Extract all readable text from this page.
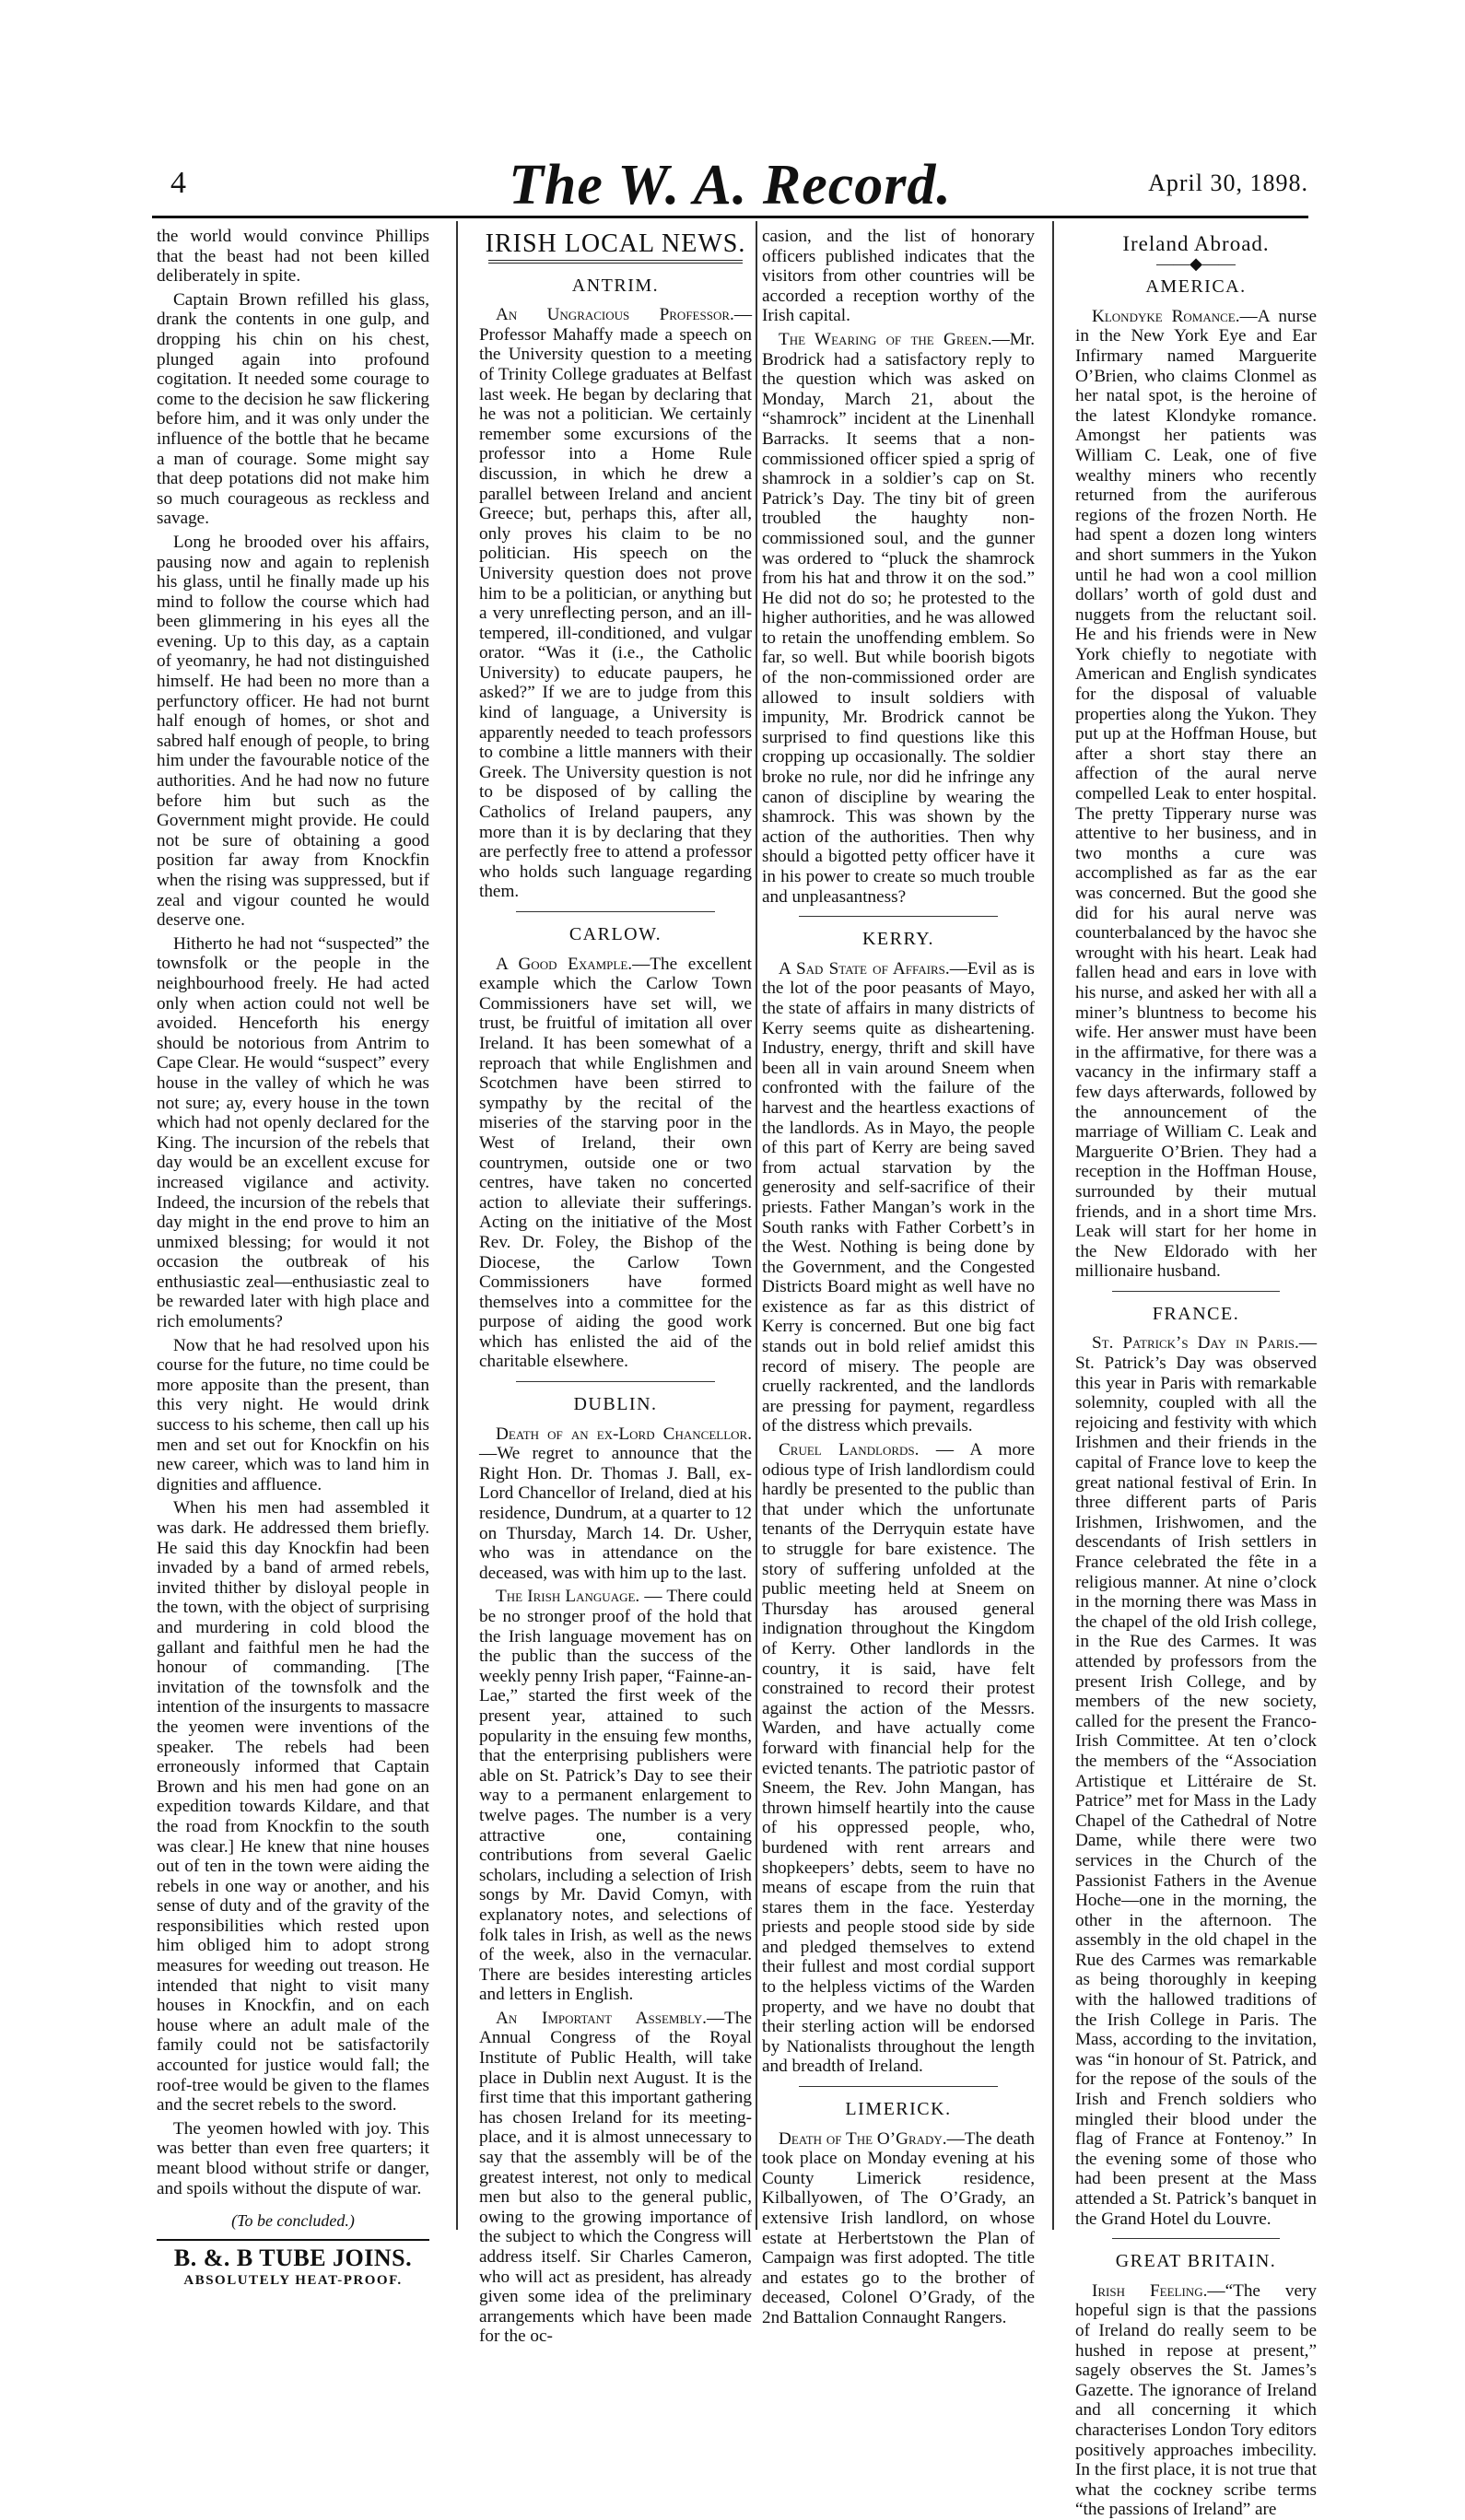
4	The W. A. Record.	April 30, 1898.

the world would convince Phillips that the beast had not been killed deliberately in spite.

Captain Brown refilled his glass, drank the contents in one gulp, and dropping his chin on his chest, plunged again into profound cogitation. It needed some courage to come to the decision he saw flickering before him, and it was only under the influence of the bottle that he became a man of courage. Some might say that deep potations did not make him so much courageous as reckless and savage.

Long he brooded over his affairs, pausing now and again to replenish his glass, until he finally made up his mind to follow the course which had been glimmering in his eyes all the evening. Up to this day, as a captain of yeomanry, he had not distinguished himself. He had been no more than a perfunctory officer. He had not burnt half enough of homes, or shot and sabred half enough of people, to bring him under the favourable notice of the authorities. And he had now no future before him but such as the Government might provide. He could not be sure of obtaining a good position far away from Knockfin when the rising was suppressed, but if zeal and vigour counted he would deserve one.

Hitherto he had not “suspected” the townsfolk or the people in the neighbourhood freely. He had acted only when action could not well be avoided. Henceforth his energy should be notorious from Antrim to Cape Clear. He would “suspect” every house in the valley of which he was not sure; ay, every house in the town which had not openly declared for the King. The incursion of the rebels that day would be an excellent excuse for increased vigilance and activity. Indeed, the incursion of the rebels that day might in the end prove to him an unmixed blessing; for would it not occasion the outbreak of his enthusiastic zeal—enthusiastic zeal to be rewarded later with high place and rich emoluments?

Now that he had resolved upon his course for the future, no time could be more apposite than the present, than this very night. He would drink success to his scheme, then call up his men and set out for Knockfin on his new career, which was to land him in dignities and affluence.

When his men had assembled it was dark. He addressed them briefly. He said this day Knockfin had been invaded by a band of armed rebels, invited thither by disloyal people in the town, with the object of surprising and murdering in cold blood the gallant and faithful men he had the honour of commanding. [The invitation of the townsfolk and the intention of the insurgents to massacre the yeomen were inventions of the speaker. The rebels had been erroneously informed that Captain Brown and his men had gone on an expedition towards Kildare, and that the road from Knockfin to the south was clear.] He knew that nine houses out of ten in the town were aiding the rebels in one way or another, and his sense of duty and of the gravity of the responsibilities which rested upon him obliged him to adopt strong measures for weeding out treason. He intended that night to visit many houses in Knockfin, and on each house where an adult male of the family could not be satisfactorily accounted for justice would fall; the roof-tree would be given to the flames and the secret rebels to the sword.

The yeomen howled with joy. This was better than even free quarters; it meant blood without strife or danger, and spoils without the dispute of war.

(To be concluded.)
B. &. B TUBE JOINS.
ABSOLUTELY HEAT-PROOF.
IRISH LOCAL NEWS.
ANTRIM.

An Ungracious Professor.—Professor Mahaffy made a speech on the University question to a meeting of Trinity College graduates at Belfast last week. He began by declaring that he was not a politician. We certainly remember some excursions of the professor into a Home Rule discussion, in which he drew a parallel between Ireland and ancient Greece; but, perhaps this, after all, only proves his claim to be no politician. His speech on the University question does not prove him to be a politician, or anything but a very unreflecting person, and an ill-tempered, ill-conditioned, and vulgar orator. “Was it (i.e., the Catholic University) to educate paupers, he asked?” If we are to judge from this kind of language, a University is apparently needed to teach professors to combine a little manners with their Greek. The University question is not to be disposed of by calling the Catholics of Ireland paupers, any more than it is by declaring that they are perfectly free to attend a professor who holds such language regarding them.

CARLOW.

A Good Example.—The excellent example which the Carlow Town Commissioners have set will, we trust, be fruitful of imitation all over Ireland. It has been somewhat of a reproach that while Englishmen and Scotchmen have been stirred to sympathy by the recital of the miseries of the starving poor in the West of Ireland, their own countrymen, outside one or two centres, have taken no concerted action to alleviate their sufferings. Acting on the initiative of the Most Rev. Dr. Foley, the Bishop of the Diocese, the Carlow Town Commissioners have formed themselves into a committee for the purpose of aiding the good work which has enlisted the aid of the charitable elsewhere.

DUBLIN.

Death of an ex-Lord Chancellor.—We regret to announce that the Right Hon. Dr. Thomas J. Ball, ex-Lord Chancellor of Ireland, died at his residence, Dundrum, at a quarter to 12 on Thursday, March 14. Dr. Usher, who was in attendance on the deceased, was with him up to the last.

The Irish Language. — There could be no stronger proof of the hold that the Irish language movement has on the public than the success of the weekly penny Irish paper, “Fainne-an-Lae,” started the first week of the present year, attained to such popularity in the ensuing few months, that the enterprising publishers were able on St. Patrick’s Day to see their way to a permanent enlargement to twelve pages. The number is a very attractive one, containing contributions from several Gaelic scholars, including a selection of Irish songs by Mr. David Comyn, with explanatory notes, and selections of folk tales in Irish, as well as the news of the week, also in the vernacular. There are besides interesting articles and letters in English.

An Important Assembly.—The Annual Congress of the Royal Institute of Public Health, will take place in Dublin next August. It is the first time that this important gathering has chosen Ireland for its meeting-place, and it is almost unnecessary to say that the assembly will be of the greatest interest, not only to medical men but also to the general public, owing to the growing importance of the subject to which the Congress will address itself. Sir Charles Cameron, who will act as president, has already given some idea of the preliminary arrangements which have been made for the oc-

casion, and the list of honorary officers published indicates that the visitors from other countries will be accorded a reception worthy of the Irish capital.

The Wearing of the Green.—Mr. Brodrick had a satisfactory reply to the question which was asked on Monday, March 21, about the “shamrock” incident at the Linenhall Barracks. It seems that a non-commissioned officer spied a sprig of shamrock in a soldier’s cap on St. Patrick’s Day. The tiny bit of green troubled the haughty non-commissioned soul, and the gunner was ordered to “pluck the shamrock from his hat and throw it on the sod.” He did not do so; he protested to the higher authorities, and he was allowed to retain the unoffending emblem. So far, so well. But while boorish bigots of the non-commissioned order are allowed to insult soldiers with impunity, Mr. Brodrick cannot be surprised to find questions like this cropping up occasionally. The soldier broke no rule, nor did he infringe any canon of discipline by wearing the shamrock. This was shown by the action of the authorities. Then why should a bigotted petty officer have it in his power to create so much trouble and unpleasantness?

KERRY.

A Sad State of Affairs.—Evil as is the lot of the poor peasants of Mayo, the state of affairs in many districts of Kerry seems quite as disheartening. Industry, energy, thrift and skill have been all in vain around Sneem when confronted with the failure of the harvest and the heartless exactions of the landlords. As in Mayo, the people of this part of Kerry are being saved from actual starvation by the generosity and self-sacrifice of their priests. Father Mangan’s work in the South ranks with Father Corbett’s in the West. Nothing is being done by the Government, and the Congested Districts Board might as well have no existence as far as this district of Kerry is concerned. But one big fact stands out in bold relief amidst this record of misery. The people are cruelly rackrented, and the landlords are pressing for payment, regardless of the distress which prevails.

Cruel Landlords. — A more odious type of Irish landlordism could hardly be presented to the public than that under which the unfortunate tenants of the Derryquin estate have to struggle for bare existence. The story of suffering unfolded at the public meeting held at Sneem on Thursday has aroused general indignation throughout the Kingdom of Kerry. Other landlords in the country, it is said, have felt constrained to record their protest against the action of the Messrs. Warden, and have actually come forward with financial help for the evicted tenants. The patriotic pastor of Sneem, the Rev. John Mangan, has thrown himself heartily into the cause of his oppressed people, who, burdened with rent arrears and shopkeepers’ debts, seem to have no means of escape from the ruin that stares them in the face. Yesterday priests and people stood side by side and pledged themselves to extend their fullest and most cordial support to the helpless victims of the Warden property, and we have no doubt that their sterling action will be endorsed by Nationalists throughout the length and breadth of Ireland.

LIMERICK.

Death of The O’Grady.—The death took place on Monday evening at his County Limerick residence, Kilballyowen, of The O’Grady, an extensive Irish landlord, on whose estate at Herbertstown the Plan of Campaign was first adopted. The title and estates go to the brother of deceased, Colonel O’Grady, of the 2nd Battalion Connaught Rangers.

Ireland Abroad.
——◆——
AMERICA.

Klondyke Romance.—A nurse in the New York Eye and Ear Infirmary named Marguerite O’Brien, who claims Clonmel as her natal spot, is the heroine of the latest Klondyke romance. Amongst her patients was William C. Leak, one of five wealthy miners who recently returned from the auriferous regions of the frozen North. He had spent a dozen long winters and short summers in the Yukon until he had won a cool million dollars’ worth of gold dust and nuggets from the reluctant soil. He and his friends were in New York chiefly to negotiate with American and English syndicates for the disposal of valuable properties along the Yukon. They put up at the Hoffman House, but after a short stay there an affection of the aural nerve compelled Leak to enter hospital. The pretty Tipperary nurse was attentive to her business, and in two months a cure was accomplished as far as the ear was concerned. But the good she did for his aural nerve was counterbalanced by the havoc she wrought with his heart. Leak had fallen head and ears in love with his nurse, and asked her with all a miner’s bluntness to become his wife. Her answer must have been in the affirmative, for there was a vacancy in the infirmary staff a few days afterwards, followed by the announcement of the marriage of William C. Leak and Marguerite O’Brien. They had a reception in the Hoffman House, surrounded by their mutual friends, and in a short time Mrs. Leak will start for her home in the New Eldorado with her millionaire husband.

FRANCE.

St. Patrick’s Day in Paris.—St. Patrick’s Day was observed this year in Paris with remarkable solemnity, coupled with all the rejoicing and festivity with which Irishmen and their friends in the capital of France love to keep the great national festival of Erin. In three different parts of Paris Irishmen, Irishwomen, and the descendants of Irish settlers in France celebrated the fête in a religious manner. At nine o’clock in the morning there was Mass in the chapel of the old Irish college, in the Rue des Carmes. It was attended by professors from the present Irish College, and by members of the new society, called for the present the Franco-Irish Committee. At ten o’clock the members of the “Association Artistique et Littéraire de St. Patrice” met for Mass in the Lady Chapel of the Cathedral of Notre Dame, while there were two services in the Church of the Passionist Fathers in the Avenue Hoche—one in the morning, the other in the afternoon. The assembly in the old chapel in the Rue des Carmes was remarkable as being thoroughly in keeping with the hallowed traditions of the Irish College in Paris. The Mass, according to the invitation, was “in honour of St. Patrick, and for the repose of the souls of the Irish and French soldiers who mingled their blood under the flag of France at Fontenoy.” In the evening some of those who had been present at the Mass attended a St. Patrick’s banquet in the Grand Hotel du Louvre.

GREAT BRITAIN.

Irish Feeling.—“The very hopeful sign is that the passions of Ireland do really seem to be hushed in repose at present,” sagely observes the St. James’s Gazette. The ignorance of Ireland and all concerning it which characterises London Tory editors positively approaches imbecility. In the first place, it is not true that what the cockney scribe terms “the passions of Ireland” are
